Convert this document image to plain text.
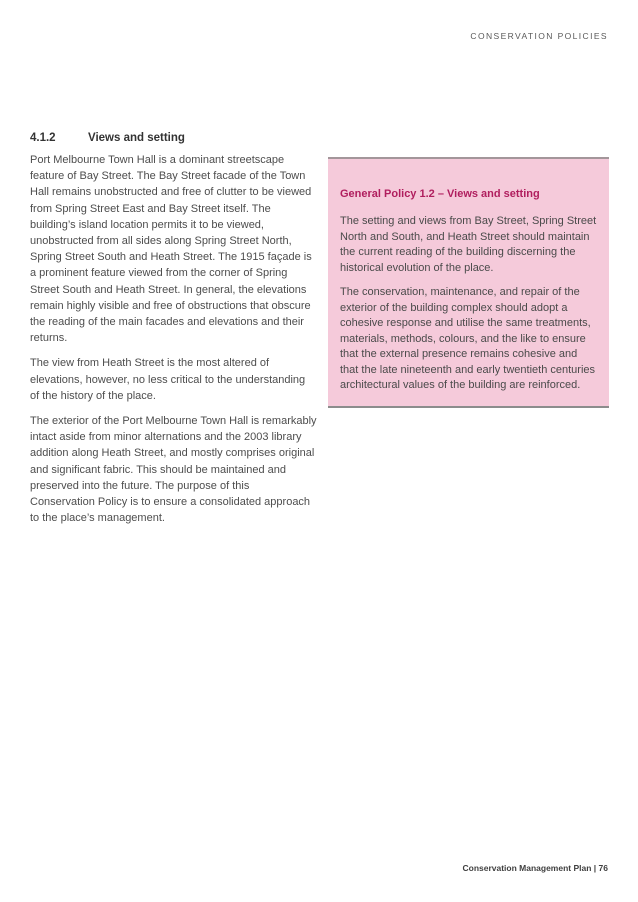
CONSERVATION POLICIES
4.1.2	Views and setting

Port Melbourne Town Hall is a dominant streetscape feature of Bay Street. The Bay Street facade of the Town Hall remains unobstructed and free of clutter to be viewed from Spring Street East and Bay Street itself. The building’s island location permits it to be viewed, unobstructed from all sides along Spring Street North, Spring Street South and Heath Street. The 1915 façade is a prominent feature viewed from the corner of Spring Street South and Heath Street. In general, the elevations remain highly visible and free of obstructions that obscure the reading of the main facades and elevations and their returns.

The view from Heath Street is the most altered of elevations, however, no less critical to the understanding of the history of the place.

The exterior of the Port Melbourne Town Hall is remarkably intact aside from minor alternations and the 2003 library addition along Heath Street, and mostly comprises original and significant fabric. This should be maintained and preserved into the future. The purpose of this Conservation Policy is to ensure a consolidated approach to the place’s management.

General Policy 1.2 – Views and setting

The setting and views from Bay Street, Spring Street North and South, and Heath Street should maintain the current reading of the building discerning the historical evolution of the place.

The conservation, maintenance, and repair of the exterior of the building complex should adopt a cohesive response and utilise the same treatments, materials, methods, colours, and the like to ensure that the external presence remains cohesive and that the late nineteenth and early twentieth centuries architectural values of the building are reinforced.

Conservation Management Plan | 76
